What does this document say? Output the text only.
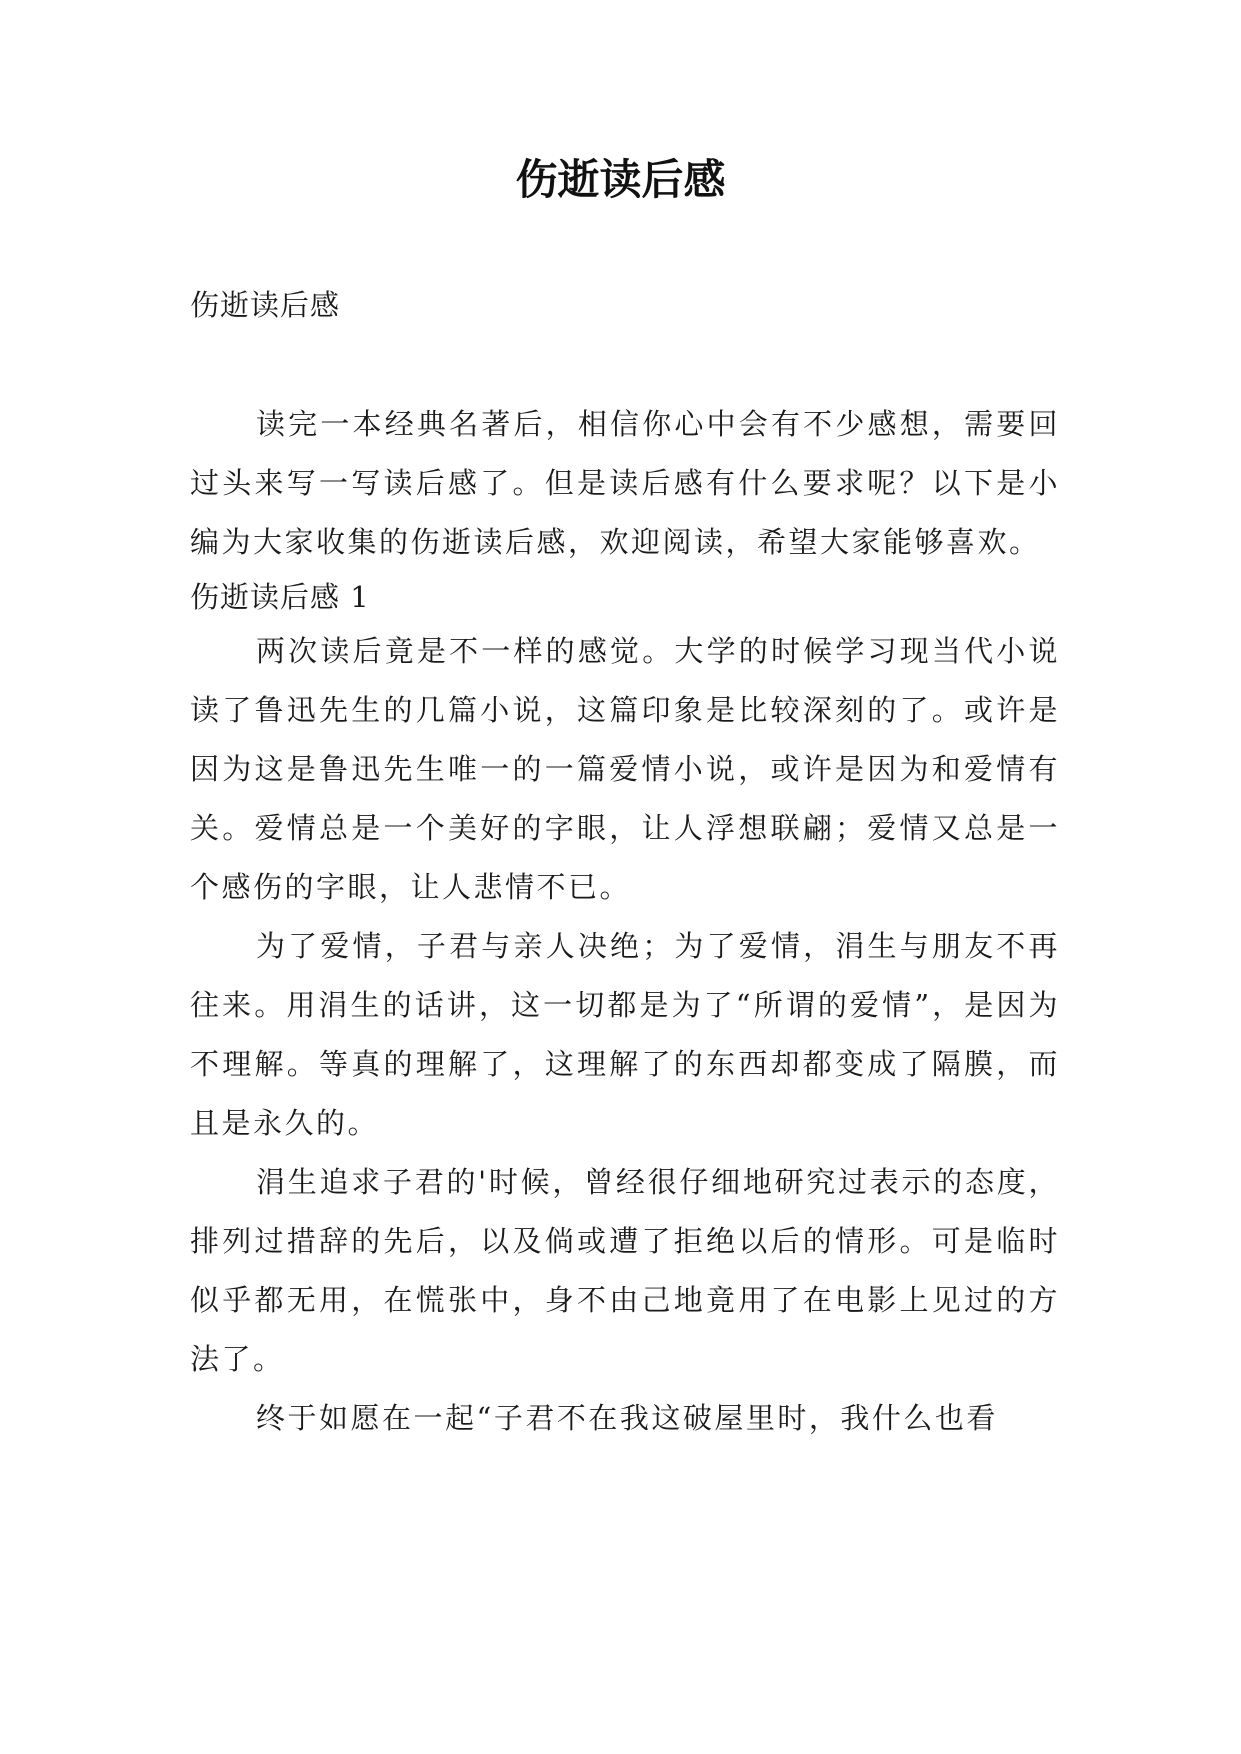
伤逝读后感

伤逝读后感

读完一本经典名著后，相信你心中会有不少感想，需要回过头来写一写读后感了。但是读后感有什么要求呢？以下是小编为大家收集的伤逝读后感，欢迎阅读，希望大家能够喜欢。

伤逝读后感 1

两次读后竟是不一样的感觉。大学的时候学习现当代小说读了鲁迅先生的几篇小说，这篇印象是比较深刻的了。或许是因为这是鲁迅先生唯一的一篇爱情小说，或许是因为和爱情有关。爱情总是一个美好的字眼，让人浮想联翩；爱情又总是一个感伤的字眼，让人悲情不已。

为了爱情，子君与亲人决绝；为了爱情，涓生与朋友不再往来。用涓生的话讲，这一切都是为了“所谓的爱情”，是因为不理解。等真的理解了，这理解了的东西却都变成了隔膜，而且是永久的。

涓生追求子君的'时候，曾经很仔细地研究过表示的态度，排列过措辞的先后，以及倘或遭了拒绝以后的情形。可是临时似乎都无用，在慌张中，身不由己地竟用了在电影上见过的方法了。

终于如愿在一起“子君不在我这破屋里时，我什么也看
